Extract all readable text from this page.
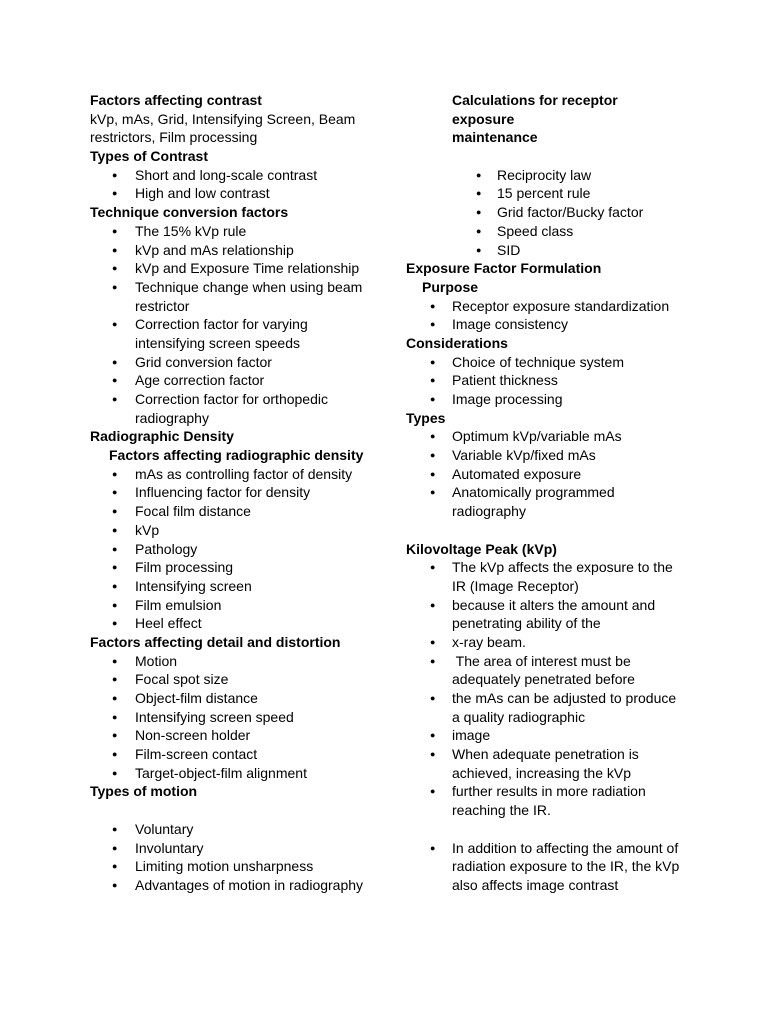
Factors affecting contrast
kVp, mAs, Grid, Intensifying Screen, Beam
restrictors, Film processing
Types of Contrast
● Short and long-scale contrast
● High and low contrast
Technique conversion factors
● The 15% kVp rule
● kVp and mAs relationship
● kVp and Exposure Time relationship
● Technique change when using beam
restrictor
● Correction factor for varying
intensifying screen speeds
● Grid conversion factor
● Age correction factor
● Correction factor for orthopedic
radiography
Radiographic Density
Factors affecting radiographic density
● mAs as controlling factor of density
● Influencing factor for density
● Focal film distance
● kVp
● Pathology
● Film processing
● Intensifying screen
● Film emulsion
● Heel effect
Factors affecting detail and distortion
● Motion
● Focal spot size
● Object-film distance
● Intensifying screen speed
● Non-screen holder
● Film-screen contact
● Target-object-film alignment
Types of motion
● Voluntary
● Involuntary
● Limiting motion unsharpness
● Advantages of motion in radiography
Calculations for receptor
exposure
maintenance
● Reciprocity law
● 15 percent rule
● Grid factor/Bucky factor
● Speed class
● SID
Exposure Factor Formulation
Purpose
● Receptor exposure standardization
● Image consistency
Considerations
● Choice of technique system
● Patient thickness
● Image processing
Types
● Optimum kVp/variable mAs
● Variable kVp/fixed mAs
● Automated exposure
● Anatomically programmed
radiography
Kilovoltage Peak (kVp)
● The kVp affects the exposure to the
IR (Image Receptor)
● because it alters the amount and
penetrating ability of the
● x-ray beam.
●  The area of interest must be
adequately penetrated before
● the mAs can be adjusted to produce
a quality radiographic
● image
● When adequate penetration is
achieved, increasing the kVp
● further results in more radiation
reaching the IR.
● In addition to affecting the amount of
radiation exposure to the IR, the kVp
also affects image contrast
